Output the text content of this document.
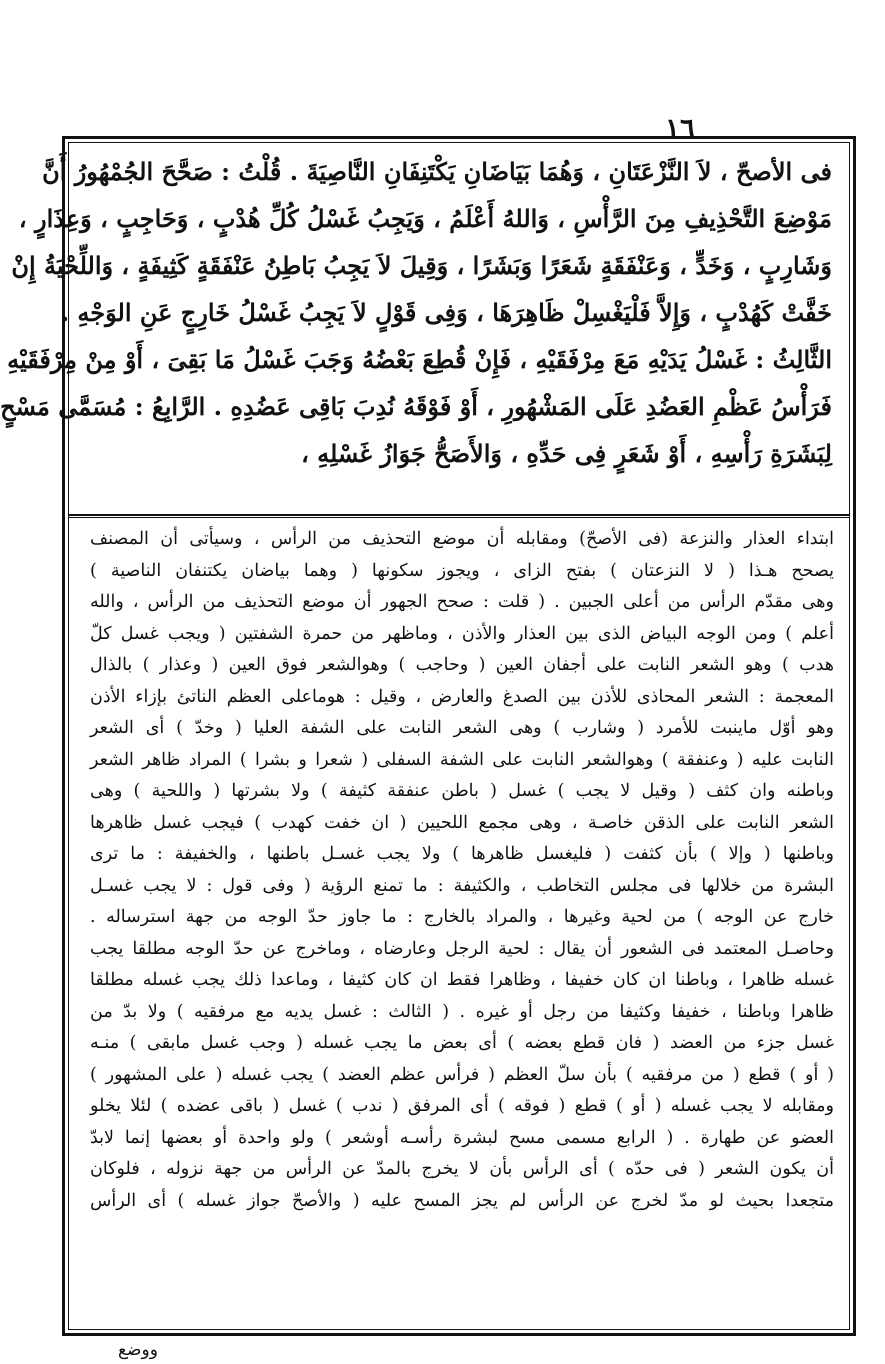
١٦
فى الأصحّ ، لاَ النَّزْعَتَانِ ، وَهُمَا بَيَاضَانِ يَكْتَنِفَانِ النَّاصِيَةَ . قُلْتُ : صَحَّحَ الجُمْهُورُ أَنَّ
مَوْضِعَ التَّحْذِيفِ مِنَ الرَّأْسِ ، وَاللهُ أَعْلَمُ ، وَيَجِبُ غَسْلُ كُلِّ هُدْبٍ ، وَحَاجِبٍ ، وَعِذَارٍ ،
وَشَارِبٍ ، وَخَدٍّ ، وَعَنْفَقَةٍ شَعَرًا وَبَشَرًا ، وَقِيلَ لاَ يَجِبُ بَاطِنُ عَنْفَقَةٍ كَثِيفَةٍ ، وَاللِّحْيَةُ إِنْ
خَفَّتْ كَهُدْبٍ ، وَإِلاَّ فَلْيَغْسِلْ ظَاهِرَهَا ، وَفِى قَوْلٍ لاَ يَجِبُ غَسْلُ خَارِجٍ عَنِ الوَجْهِ .
الثَّالِثُ : غَسْلُ يَدَيْهِ مَعَ مِرْفَقَيْهِ ، فَإِنْ قُطِعَ بَعْضُهُ وَجَبَ غَسْلُ مَا بَقِىَ ، أَوْ مِنْ مِرْفَقَيْهِ
فَرَأْسُ عَظْمِ العَضُدِ عَلَى المَشْهُورِ ، أَوْ فَوْقَهُ نُدِبَ بَاقِى عَضُدِهِ . الرَّابِعُ : مُسَمَّى مَسْحٍ
لِبَشَرَةِ رَأْسِهِ ، أَوْ شَعَرٍ فِى حَدِّهِ ، وَالأَصَحُّ جَوَازُ غَسْلِهِ ،
ابتداء العذار والنزعة (فى الأصحّ) ومقابله أن موضع التحذيف من الرأس ، وسيأتى أن المصنف
يصحح هـذا ( لا النزعتان ) بفتح الزاى ، ويجوز سكونها ( وهما بياضان يكتنفان الناصية )
وهى مقدّم الرأس من أعلى الجبين . ( قلت : صحح الجهور أن موضع التحذيف من الرأس ، والله
أعلم ) ومن الوجه البياض الذى بين العذار والأذن ، وماظهر من حمرة الشفتين ( ويجب غسل كلّ
هدب ) وهو الشعر النابت على أجفان العين ( وحاجب ) وهوالشعر فوق العين ( وعذار ) بالذال
المعجمة : الشعر المحاذى للأذن بين الصدغ والعارض ، وقيل : هوماعلى العظم الناتئ بإزاء الأذن
وهو أوّل ماينبت للأمرد ( وشارب ) وهى الشعر النابت على الشفة العليا ( وخدّ ) أى الشعر
النابت عليه ( وعنفقة ) وهوالشعر النابت على الشفة السفلى ( شعرا و بشرا ) المراد ظاهر الشعر
وباطنه وان كثف ( وقيل لا يجب ) غسل ( باطن عنفقة كثيفة ) ولا بشرتها ( واللحية ) وهى
الشعر النابت على الذقن خاصـة ، وهى مجمع اللحيين ( ان خفت كهدب ) فيجب غسل ظاهرها
وباطنها ( وإلا ) بأن كثفت ( فليغسل ظاهرها ) ولا يجب غسـل باطنها ، والخفيفة : ما ترى
البشرة من خلالها فى مجلس التخاطب ، والكثيفة : ما تمنع الرؤية ( وفى قول : لا يجب غسـل
خارج عن الوجه ) من لحية وغيرها ، والمراد بالخارج : ما جاوز حدّ الوجه من جهة استرساله .
وحاصـل المعتمد فى الشعور أن يقال : لحية الرجل وعارضاه ، وماخرج عن حدّ الوجه مطلقا يجب
غسله ظاهرا ، وباطنا ان كان خفيفا ، وظاهرا فقط ان كان كثيفا ، وماعدا ذلك يجب غسله مطلقا
ظاهرا وباطنا ، خفيفا وكثيفا من رجل أو غيره . ( الثالث : غسل يديه مع مرفقيه ) ولا بدّ من
غسل جزء من العضد ( فان قطع بعضه ) أى بعض ما يجب غسله ( وجب غسل مابقى ) منـه
( أو ) قطع ( من مرفقيه ) بأن سلّ العظم ( فرأس عظم العضد ) يجب غسله ( على المشهور )
ومقابله لا يجب غسله ( أو ) قطع ( فوقه ) أى المرفق ( ندب ) غسل ( باقى عضده ) لئلا يخلو
العضو عن طهارة . ( الرابع مسمى مسح لبشرة رأسـه أوشعر ) ولو واحدة أو بعضها إنما لابدّ
أن يكون الشعر ( فى حدّه ) أى الرأس بأن لا يخرج بالمدّ عن الرأس من جهة نزوله ، فلوكان
متجعدا بحيث لو مدّ لخرج عن الرأس لم يجز المسح عليه ( والأصحّ جواز غسله ) أى الرأس
ووضع
